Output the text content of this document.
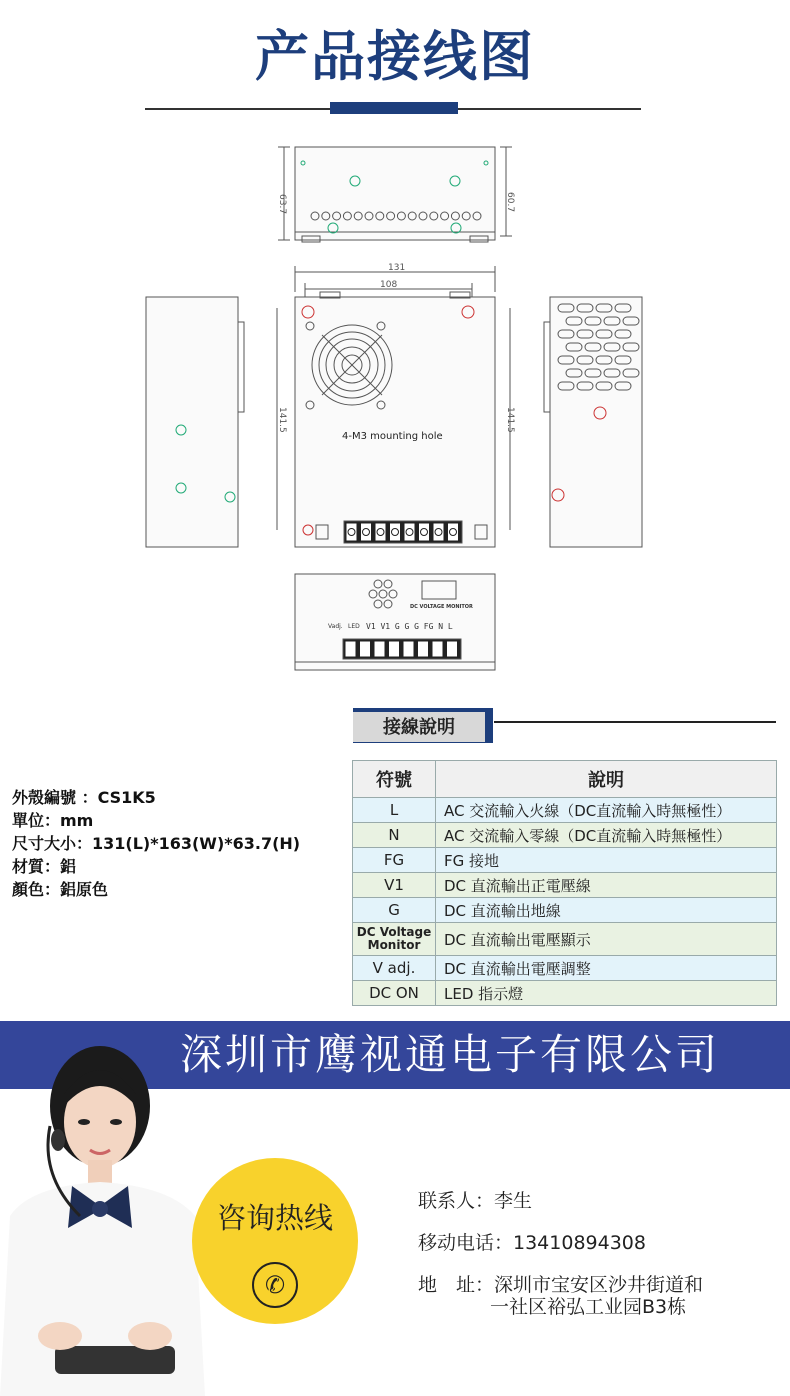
产品接线图
63.7	60.7
131
108
141.5	141.5
4-M3 mounting hole
DC VOLTAGE MONITOR
Vadj. LED V1 V1 G G G FG N L
接線說明
外殼編號 ：CS1K5
單位：mm
尺寸大小：131(L)*163(W)*63.7(H)
材質：鋁
顏色：鋁原色
符號	說明
L	AC 交流輸入火線（DC直流輸入時無極性）
N	AC 交流輸入零線（DC直流輸入時無極性）
FG	FG 接地
V1	DC 直流輸出正電壓線
G	DC 直流輸出地線
DC Voltage Monitor	DC 直流輸出電壓顯示
V adj.	DC 直流輸出電壓調整
DC ON	LED 指示燈
深圳市鹰视通电子有限公司
咨询热线
✆
联系人：李生
移动电话：13410894308
地　址：深圳市宝安区沙井街道和
一社区裕弘工业园B3栋
